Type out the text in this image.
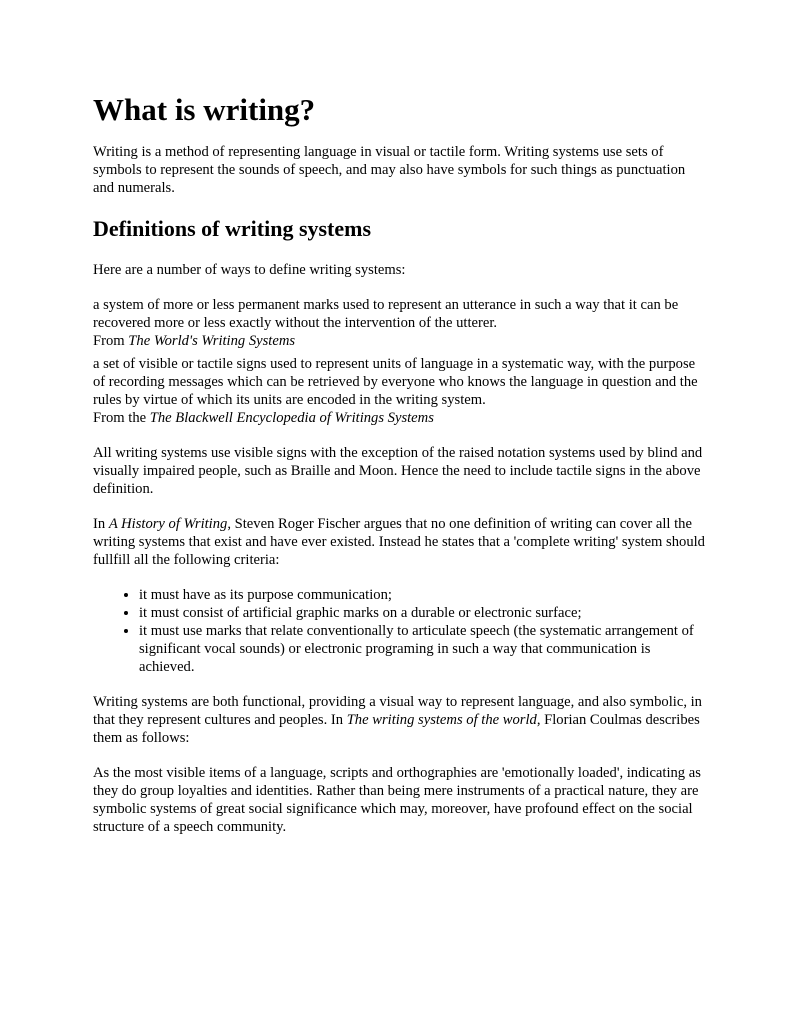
What is writing?

Writing is a method of representing language in visual or tactile form. Writing systems use sets of symbols to represent the sounds of speech, and may also have symbols for such things as punctuation and numerals.

Definitions of writing systems

Here are a number of ways to define writing systems:

a system of more or less permanent marks used to represent an utterance in such a way that it can be recovered more or less exactly without the intervention of the utterer.
From The World's Writing Systems

a set of visible or tactile signs used to represent units of language in a systematic way, with the purpose of recording messages which can be retrieved by everyone who knows the language in question and the rules by virtue of which its units are encoded in the writing system.
From the The Blackwell Encyclopedia of Writings Systems

All writing systems use visible signs with the exception of the raised notation systems used by blind and visually impaired people, such as Braille and Moon. Hence the need to include tactile signs in the above definition.

In A History of Writing, Steven Roger Fischer argues that no one definition of writing can cover all the writing systems that exist and have ever existed. Instead he states that a 'complete writing' system should fullfill all the following criteria:

• it must have as its purpose communication;
• it must consist of artificial graphic marks on a durable or electronic surface;
• it must use marks that relate conventionally to articulate speech (the systematic arrangement of significant vocal sounds) or electronic programing in such a way that communication is achieved.

Writing systems are both functional, providing a visual way to represent language, and also symbolic, in that they represent cultures and peoples. In The writing systems of the world, Florian Coulmas describes them as follows:

As the most visible items of a language, scripts and orthographies are 'emotionally loaded', indicating as they do group loyalties and identities. Rather than being mere instruments of a practical nature, they are symbolic systems of great social significance which may, moreover, have profound effect on the social structure of a speech community.
